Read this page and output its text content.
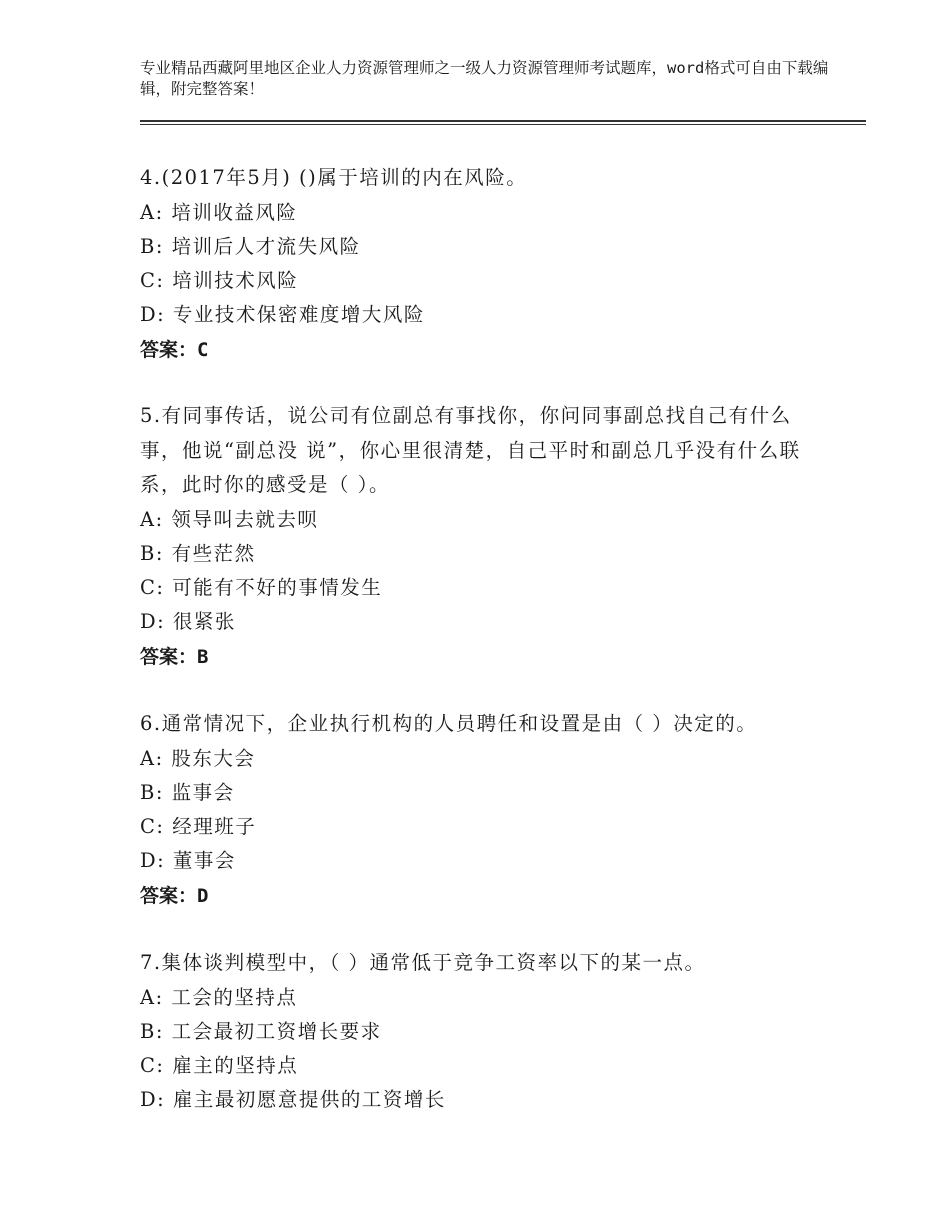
专业精品西藏阿里地区企业人力资源管理师之一级人力资源管理师考试题库，word格式可自由下载编辑，附完整答案！

4.(2017年5月) ()属于培训的内在风险。

A: 培训收益风险

B: 培训后人才流失风险

C: 培训技术风险

D: 专业技术保密难度增大风险

答案：C

5.有同事传话，说公司有位副总有事找你，你问同事副总找自己有什么事，他说“副总没 说”，你心里很清楚，自己平时和副总几乎没有什么联系，此时你的感受是（ ）。

A: 领导叫去就去呗

B: 有些茫然

C: 可能有不好的事情发生

D: 很紧张

答案：B

6.通常情况下，企业执行机构的人员聘任和设置是由（ ）决定的。

A: 股东大会

B: 监事会

C: 经理班子

D: 董事会

答案：D

7.集体谈判模型中，（ ）通常低于竞争工资率以下的某一点。

A: 工会的坚持点

B: 工会最初工资增长要求

C: 雇主的坚持点

D: 雇主最初愿意提供的工资增长
